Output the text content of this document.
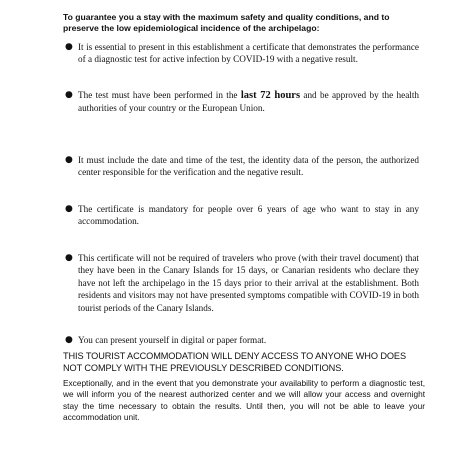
To guarantee you a stay with the maximum safety and quality conditions, and to preserve the low epidemiological incidence of the archipelago:

● It is essential to present in this establishment a certificate that demonstrates the performance of a diagnostic test for active infection by COVID-19 with a negative result.
● The test must have been performed in the last 72 hours and be approved by the health authorities of your country or the European Union.
● It must include the date and time of the test, the identity data of the person, the authorized center responsible for the verification and the negative result.
● The certificate is mandatory for people over 6 years of age who want to stay in any accommodation.
● This certificate will not be required of travelers who prove (with their travel document) that they have been in the Canary Islands for 15 days, or Canarian residents who declare they have not left the archipelago in the 15 days prior to their arrival at the establishment. Both residents and visitors may not have presented symptoms compatible with COVID-19 in both tourist periods of the Canary Islands.
● You can present yourself in digital or paper format.

THIS TOURIST ACCOMMODATION WILL DENY ACCESS TO ANYONE WHO DOES NOT COMPLY WITH THE PREVIOUSLY DESCRIBED CONDITIONS.

Exceptionally, and in the event that you demonstrate your availability to perform a diagnostic test, we will inform you of the nearest authorized center and we will allow your access and overnight stay the time necessary to obtain the results. Until then, you will not be able to leave your accommodation unit.
